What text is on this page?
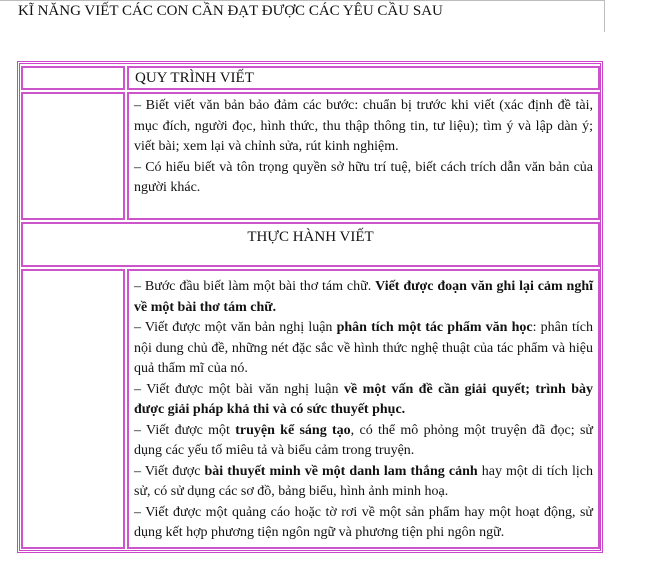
KĨ NĂNG VIẾT CÁC CON CẦN ĐẠT ĐƯỢC CÁC YÊU CẦU SAU
QUY TRÌNH VIẾT

– Biết viết văn bản bảo đảm các bước: chuẩn bị trước khi viết (xác định đề tài, mục đích, người đọc, hình thức, thu thập thông tin, tư liệu); tìm ý và lập dàn ý; viết bài; xem lại và chỉnh sửa, rút kinh nghiệm.

– Có hiểu biết và tôn trọng quyền sở hữu trí tuệ, biết cách trích dẫn văn bản của người khác.

THỰC HÀNH VIẾT

– Bước đầu biết làm một bài thơ tám chữ. Viết được đoạn văn ghi lại cảm nghĩ về một bài thơ tám chữ.

– Viết được một văn bản nghị luận phân tích một tác phẩm văn học: phân tích nội dung chủ đề, những nét đặc sắc về hình thức nghệ thuật của tác phẩm và hiệu quả thẩm mĩ của nó.

– Viết được một bài văn nghị luận về một vấn đề cần giải quyết; trình bày được giải pháp khả thi và có sức thuyết phục.

– Viết được một truyện kể sáng tạo, có thể mô phỏng một truyện đã đọc; sử dụng các yếu tố miêu tả và biểu cảm trong truyện.

– Viết được bài thuyết minh về một danh lam thắng cảnh hay một di tích lịch sử, có sử dụng các sơ đồ, bảng biểu, hình ảnh minh hoạ.

– Viết được một quảng cáo hoặc tờ rơi về một sản phẩm hay một hoạt động, sử dụng kết hợp phương tiện ngôn ngữ và phương tiện phi ngôn ngữ.
